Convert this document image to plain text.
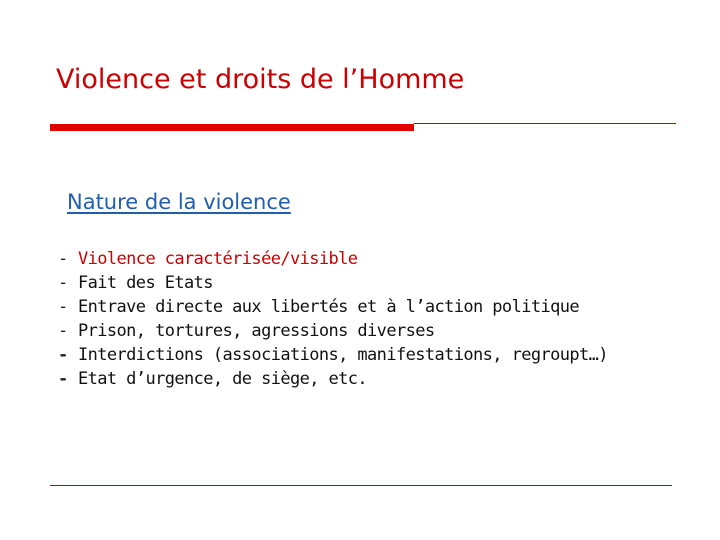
Violence et droits de l’Homme
Nature de la violence
- Violence caractérisée/visible
- Fait des Etats
- Entrave directe aux libertés et à l’action politique
- Prison, tortures, agressions diverses
- Interdictions (associations, manifestations, regroupt…)
- Etat d’urgence, de siège, etc.
